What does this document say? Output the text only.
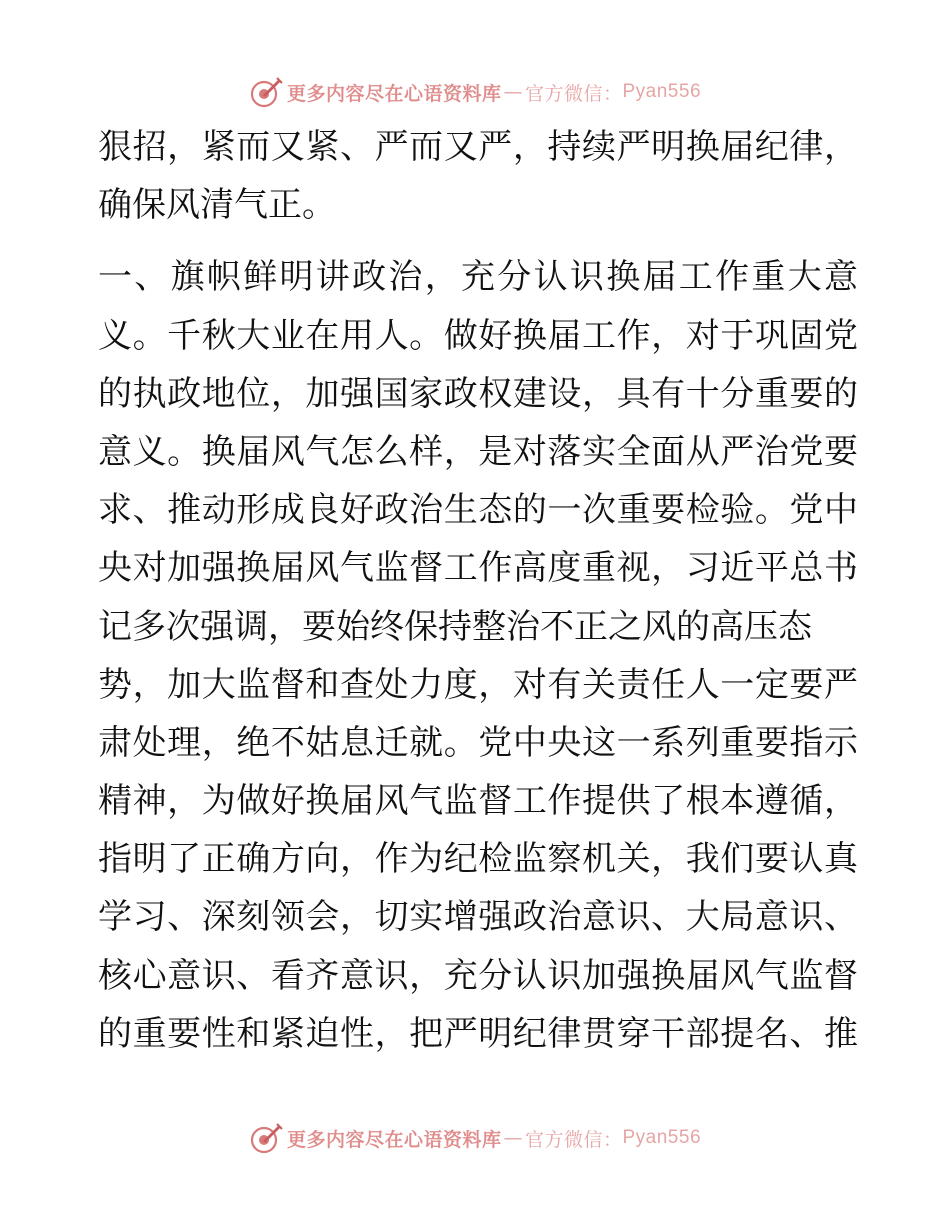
更多内容尽在心语资料库 — 官方微信： Pyan556
狠招，紧而又紧、严而又严，持续严明换届纪律，
确保风清气正。
一、旗帜鲜明讲政治，充分认识换届工作重大意
义。千秋大业在用人。做好换届工作，对于巩固党
的执政地位，加强国家政权建设，具有十分重要的
意义。换届风气怎么样，是对落实全面从严治党要
求、推动形成良好政治生态的一次重要检验。党中
央对加强换届风气监督工作高度重视，习近平总书
记多次强调，要始终保持整治不正之风的高压态
势，加大监督和查处力度，对有关责任人一定要严
肃处理，绝不姑息迁就。党中央这一系列重要指示
精神，为做好换届风气监督工作提供了根本遵循，
指明了正确方向，作为纪检监察机关，我们要认真
学习、深刻领会，切实增强政治意识、大局意识、
核心意识、看齐意识，充分认识加强换届风气监督
的重要性和紧迫性，把严明纪律贯穿干部提名、推
更多内容尽在心语资料库 — 官方微信： Pyan556
